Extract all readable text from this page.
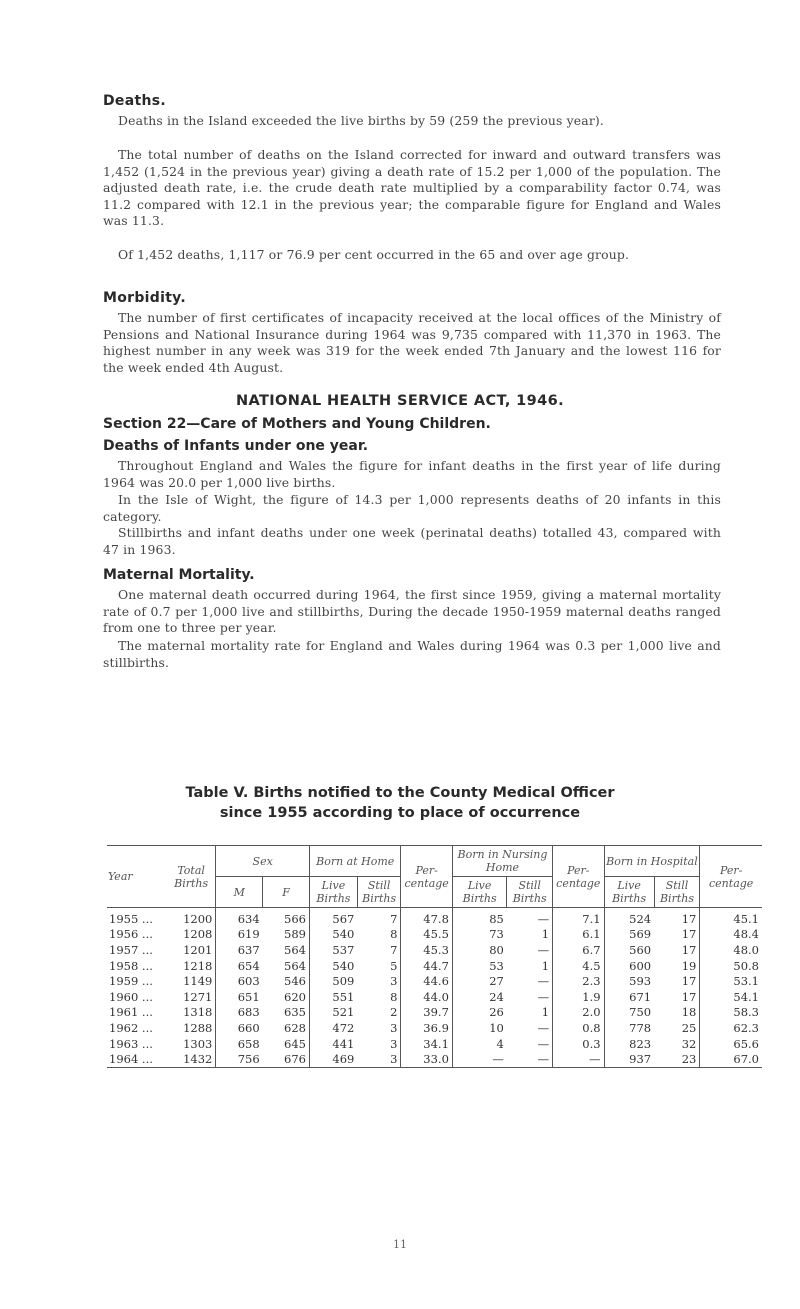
Deaths.

Deaths in the Island exceeded the live births by 59 (259 the previous year).

The total number of deaths on the Island corrected for inward and outward transfers was 1,452 (1,524 in the previous year) giving a death rate of 15.2 per 1,000 of the population. The adjusted death rate, i.e. the crude death rate multiplied by a comparability factor 0.74, was 11.2 compared with 12.1 in the previous year; the comparable figure for England and Wales was 11.3.

Of 1,452 deaths, 1,117 or 76.9 per cent occurred in the 65 and over age group.

Morbidity.

The number of first certificates of incapacity received at the local offices of the Ministry of Pensions and National Insurance during 1964 was 9,735 compared with 11,370 in 1963. The highest number in any week was 319 for the week ended 7th January and the lowest 116 for the week ended 4th August.

NATIONAL HEALTH SERVICE ACT, 1946.
Section 22—Care of Mothers and Young Children.
Deaths of Infants under one year.

Throughout England and Wales the figure for infant deaths in the first year of life during 1964 was 20.0 per 1,000 live births.

In the Isle of Wight, the figure of 14.3 per 1,000 represents deaths of 20 infants in this category.

Stillbirths and infant deaths under one week (perinatal deaths) totalled 43, compared with 47 in 1963.

Maternal Mortality.

One maternal death occurred during 1964, the first since 1959, giving a maternal mortality rate of 0.7 per 1,000 live and stillbirths, During the decade 1950-1959 maternal deaths ranged from one to three per year.

The maternal mortality rate for England and Wales during 1964 was 0.3 per 1,000 live and stillbirths.

Table V. Births notified to the County Medical Officer
since 1955 according to place of occurrence
Year	Total Births	Sex		Born at Home		Per- centage	Born in Nursing Home		Per- centage	Born in Hospital		Per- centage
		M	F	Live Births	Still Births		Live Births	Still Births		Live Births	Still Births	
1955 ...	1200	634	566	567	7	47.8	85	—	7.1	524	17	45.1
1956 ...	1208	619	589	540	8	45.5	73	1	6.1	569	17	48.4
1957 ...	1201	637	564	537	7	45.3	80	—	6.7	560	17	48.0
1958 ...	1218	654	564	540	5	44.7	53	1	4.5	600	19	50.8
1959 ...	1149	603	546	509	3	44.6	27	—	2.3	593	17	53.1
1960 ...	1271	651	620	551	8	44.0	24	—	1.9	671	17	54.1
1961 ...	1318	683	635	521	2	39.7	26	1	2.0	750	18	58.3
1962 ...	1288	660	628	472	3	36.9	10	—	0.8	778	25	62.3
1963 ...	1303	658	645	441	3	34.1	4	—	0.3	823	32	65.6
1964 ...	1432	756	676	469	3	33.0	—	—	—	937	23	67.0
11
